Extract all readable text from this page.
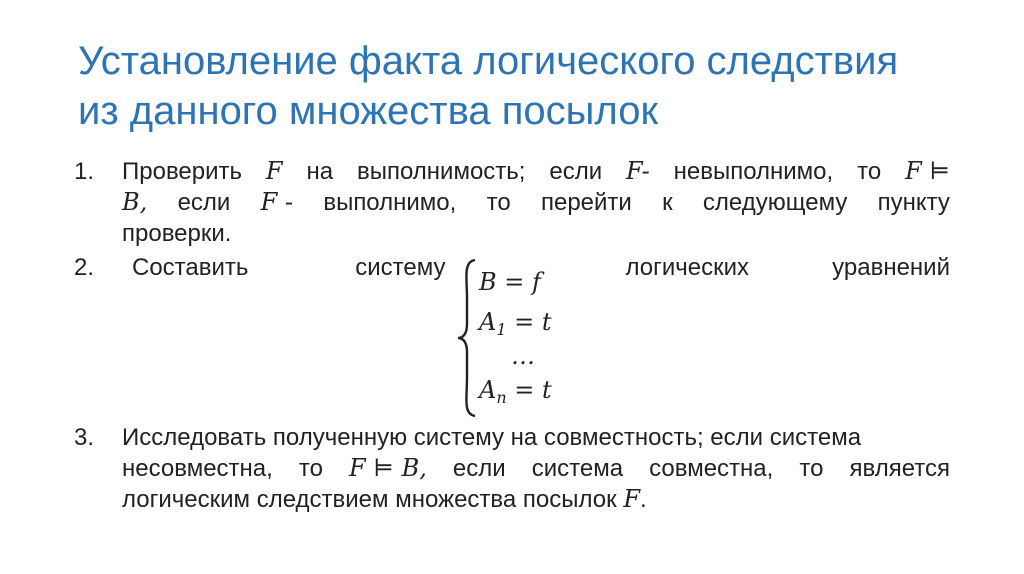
Установление факта логического следствия
из данного множества посылок
1. Проверить F на выполнимость; если F- невыполнимо, то F ⊨
B, если F - выполнимо, то перейти к следующему пункту
проверки.
2. Составить	систему	логических	уравнений
B = f
$A_1 = t$
…
$A_n = t$
3. Исследовать полученную систему на совместность; если система
несовместна, то F ⊨ B, если система совместна, то является
логическим следствием множества посылок F .
